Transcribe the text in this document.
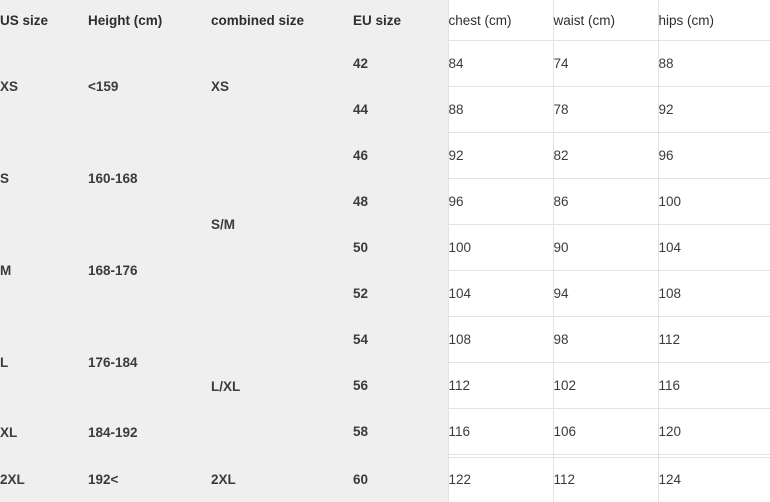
US size	Height (cm)	combined size	EU size	chest (cm)	waist (cm)	hips (cm)
XS	<159	XS	42	84	74	88
			44	88	78	92
S	160-168	S/M	46	92	82	96
			48	96	86	100
M	168-176		50	100	90	104
			52	104	94	108
L	176-184	L/XL	54	108	98	112
			56	112	102	116
XL	184-192		58	116	106	120

2XL	192<	2XL	60	122	112	124
